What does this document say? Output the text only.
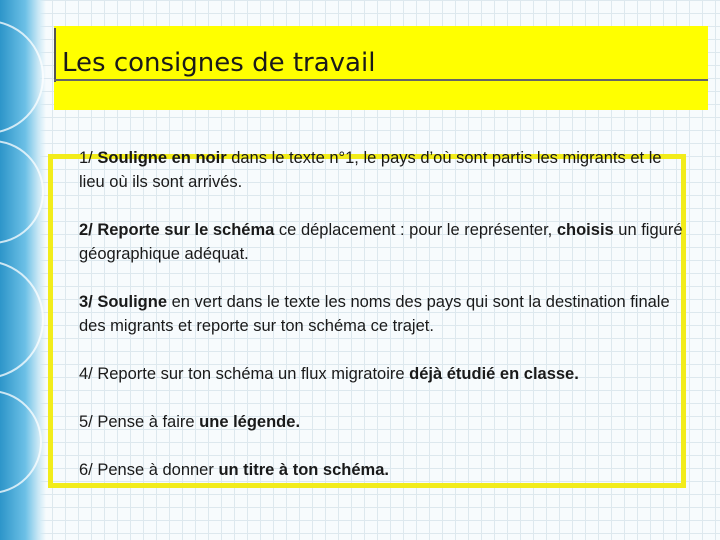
Les consignes de travail

1/ Souligne en noir dans le texte n°1, le pays d’où sont partis les migrants et le lieu où ils sont arrivés.

2/ Reporte sur le schéma ce déplacement : pour le représenter, choisis un figuré géographique adéquat.

3/ Souligne en vert dans le texte les noms des pays qui sont la destination finale des migrants et reporte sur ton schéma ce trajet.

4/ Reporte sur ton schéma un flux migratoire déjà étudié en classe.

5/ Pense à faire une légende.

6/ Pense à donner un titre à ton schéma.
